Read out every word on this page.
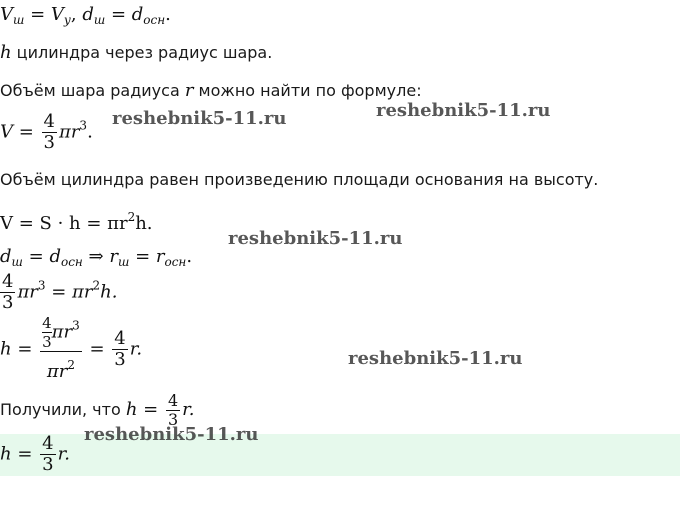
$V_ш = V_у$, $d_ш = d_{осн}$.
h цилиндра через радиус шара.
Объём шара радиуса r можно найти по формуле:
$V = \frac{4}{3} \pi r^3$.
Объём цилиндра равен произведению площади основания на высоту.
$V = S \cdot h = \pi r^2h$.
$d_ш = d_{осн}$ ⇒ $r_ш = r_{осн}$.
$\frac{4}{3} \pi r^3 = \pi r^2h$.
$h = \frac{\frac{4}{3} \pi r^3}{\pi r^2} = \frac{4}{3} r$.
Получили, что $h = \frac{4}{3} r$.
$h = \frac{4}{3} r$.
reshebnik5-11.ru	reshebnik5-11.ru
reshebnik5-11.ru
reshebnik5-11.ru
reshebnik5-11.ru
